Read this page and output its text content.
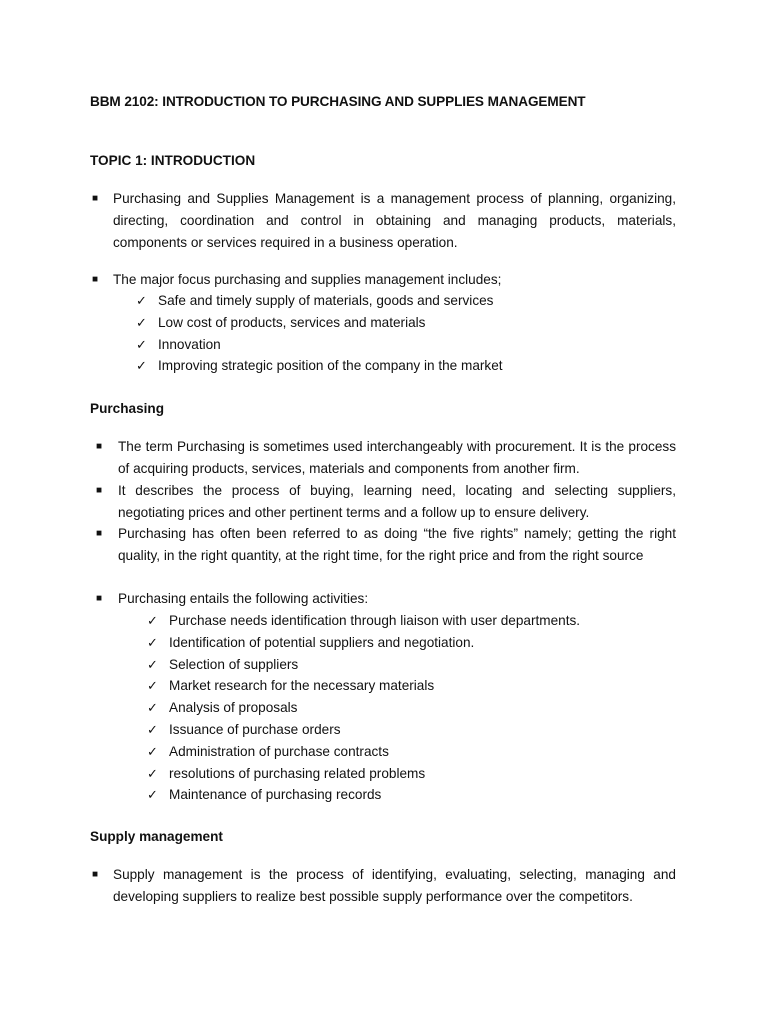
BBM 2102: INTRODUCTION TO PURCHASING AND SUPPLIES MANAGEMENT
TOPIC 1: INTRODUCTION
■ Purchasing and Supplies Management is a management process of planning, organizing, directing, coordination and control in obtaining and managing products, materials, components or services required in a business operation.
■ The major focus purchasing and supplies management includes;
✓ Safe and timely supply of materials, goods and services
✓ Low cost of products, services and materials
✓ Innovation
✓ Improving strategic position of the company in the market
Purchasing
■ The term Purchasing is sometimes used interchangeably with procurement. It is the process of acquiring products, services, materials and components from another firm.
■ It describes the process of buying, learning need, locating and selecting suppliers, negotiating prices and other pertinent terms and a follow up to ensure delivery.
■ Purchasing has often been referred to as doing “the five rights” namely; getting the right quality, in the right quantity, at the right time, for the right price and from the right source
■ Purchasing entails the following activities:
✓ Purchase needs identification through liaison with user departments.
✓ Identification of potential suppliers and negotiation.
✓ Selection of suppliers
✓ Market research for the necessary materials
✓ Analysis of proposals
✓ Issuance of purchase orders
✓ Administration of purchase contracts
✓ resolutions of purchasing related problems
✓ Maintenance of purchasing records
Supply management
■ Supply management is the process of identifying, evaluating, selecting, managing and developing suppliers to realize best possible supply performance over the competitors.
